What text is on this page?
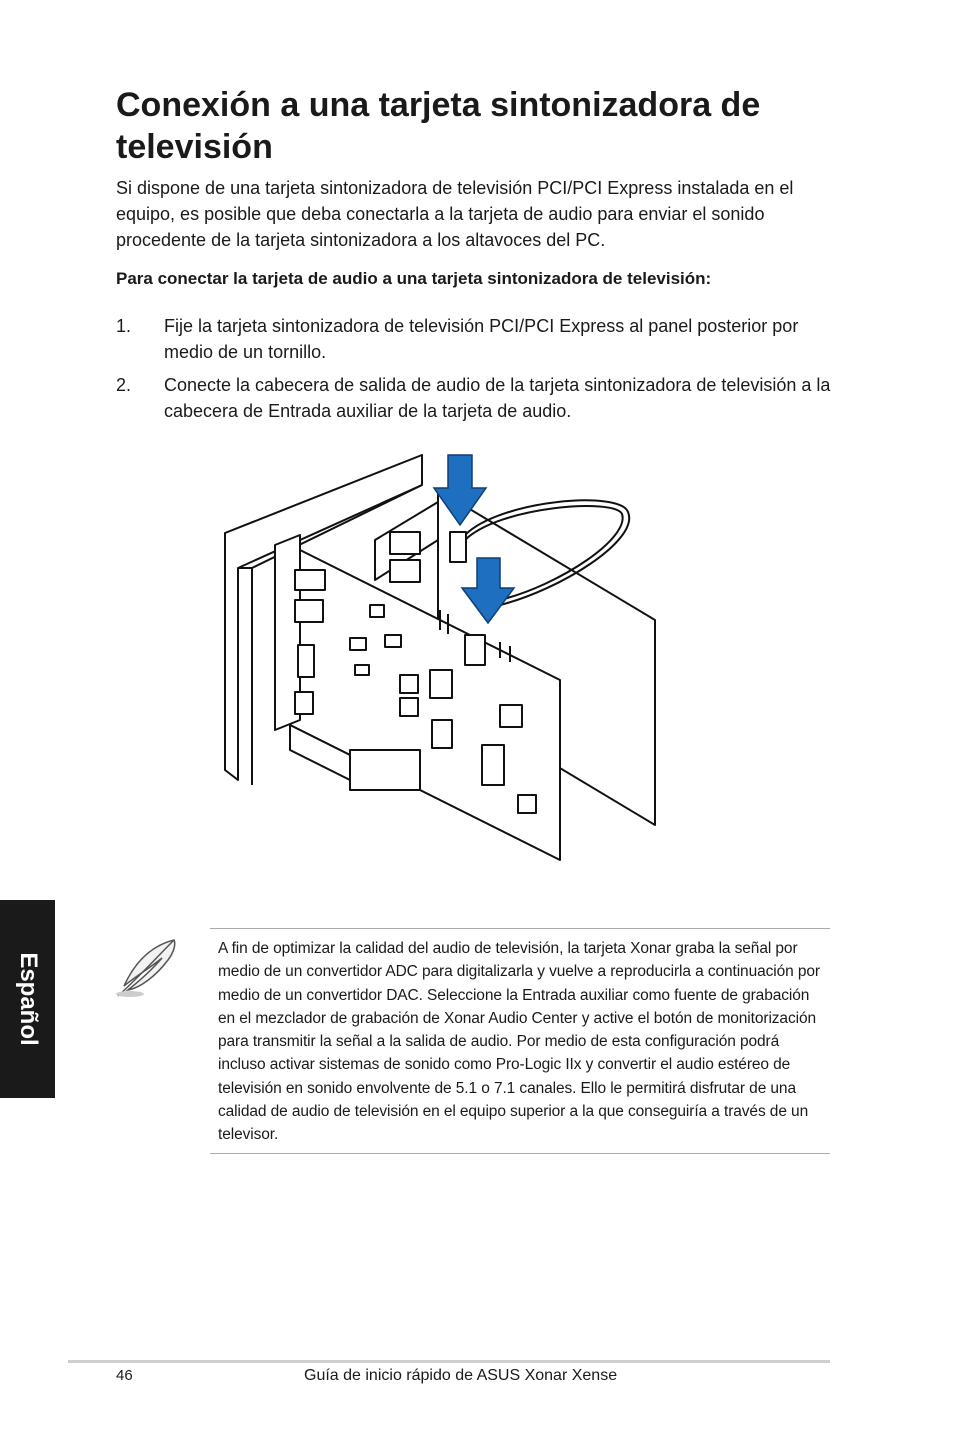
Conexión a una tarjeta sintonizadora de televisión

Si dispone de una tarjeta sintonizadora de televisión PCI/PCI Express instalada en el equipo, es posible que deba conectarla a la tarjeta de audio para enviar el sonido procedente de la tarjeta sintonizadora a los altavoces del PC.

Para conectar la tarjeta de audio a una tarjeta sintonizadora de televisión:

1.	Fije la tarjeta sintonizadora de televisión PCI/PCI Express al panel posterior por medio de un tornillo.
2.	Conecte la cabecera de salida de audio de la tarjeta sintonizadora de televisión a la cabecera de Entrada auxiliar de la tarjeta de audio.

A fin de optimizar la calidad del audio de televisión, la tarjeta Xonar graba la señal por medio de un convertidor ADC para digitalizarla y vuelve a reproducirla a continuación por medio de un convertidor DAC. Seleccione la Entrada auxiliar como fuente de grabación en el mezclador de grabación de Xonar Audio Center y active el botón de monitorización para transmitir la señal a la salida de audio. Por medio de esta configuración podrá incluso activar sistemas de sonido como Pro-Logic IIx y convertir el audio estéreo de televisión en sonido envolvente de 5.1 o 7.1 canales. Ello le permitirá disfrutar de una calidad de audio de televisión en el equipo superior a la que conseguiría a través de un televisor.

Español
46	Guía de inicio rápido de ASUS Xonar Xense
